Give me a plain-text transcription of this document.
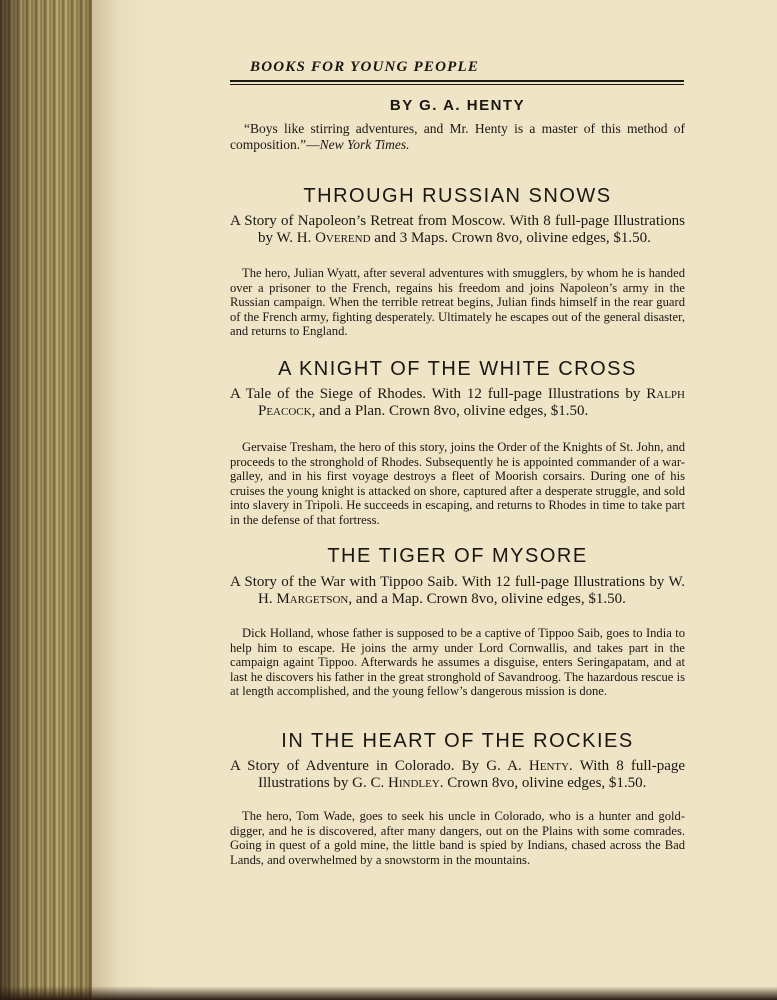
BOOKS FOR YOUNG PEOPLE
BY G. A. HENTY
“Boys like stirring adventures, and Mr. Henty is a master of this method of composition.”—New York Times.
THROUGH RUSSIAN SNOWS
A Story of Napoleon’s Retreat from Moscow. With 8 full-page Illustrations by W. H. Overend and 3 Maps. Crown 8vo, olivine edges, $1.50.
The hero, Julian Wyatt, after several adventures with smugglers, by whom he is handed over a prisoner to the French, regains his freedom and joins Napoleon’s army in the Russian campaign. When the terrible retreat begins, Julian finds himself in the rear guard of the French army, fighting desperately. Ultimately he escapes out of the general disaster, and returns to England.
A KNIGHT OF THE WHITE CROSS
A Tale of the Siege of Rhodes. With 12 full-page Illustrations by Ralph Peacock, and a Plan. Crown 8vo, olivine edges, $1.50.
Gervaise Tresham, the hero of this story, joins the Order of the Knights of St. John, and proceeds to the stronghold of Rhodes. Subsequently he is appointed commander of a war-galley, and in his first voyage destroys a fleet of Moorish corsairs. During one of his cruises the young knight is attacked on shore, captured after a desperate struggle, and sold into slavery in Tripoli. He succeeds in escaping, and returns to Rhodes in time to take part in the defense of that fortress.
THE TIGER OF MYSORE
A Story of the War with Tippoo Saib. With 12 full-page Illustrations by W. H. Margetson, and a Map. Crown 8vo, olivine edges, $1.50.
Dick Holland, whose father is supposed to be a captive of Tippoo Saib, goes to India to help him to escape. He joins the army under Lord Cornwallis, and takes part in the campaign againt Tippoo. Afterwards he assumes a disguise, enters Seringapatam, and at last he discovers his father in the great stronghold of Savandroog. The hazardous rescue is at length accomplished, and the young fellow’s dangerous mission is done.
IN THE HEART OF THE ROCKIES
A Story of Adventure in Colorado. By G. A. Henty. With 8 full-page Illustrations by G. C. Hindley. Crown 8vo, olivine edges, $1.50.
The hero, Tom Wade, goes to seek his uncle in Colorado, who is a hunter and gold-digger, and he is discovered, after many dangers, out on the Plains with some comrades. Going in quest of a gold mine, the little band is spied by Indians, chased across the Bad Lands, and overwhelmed by a snowstorm in the mountains.
